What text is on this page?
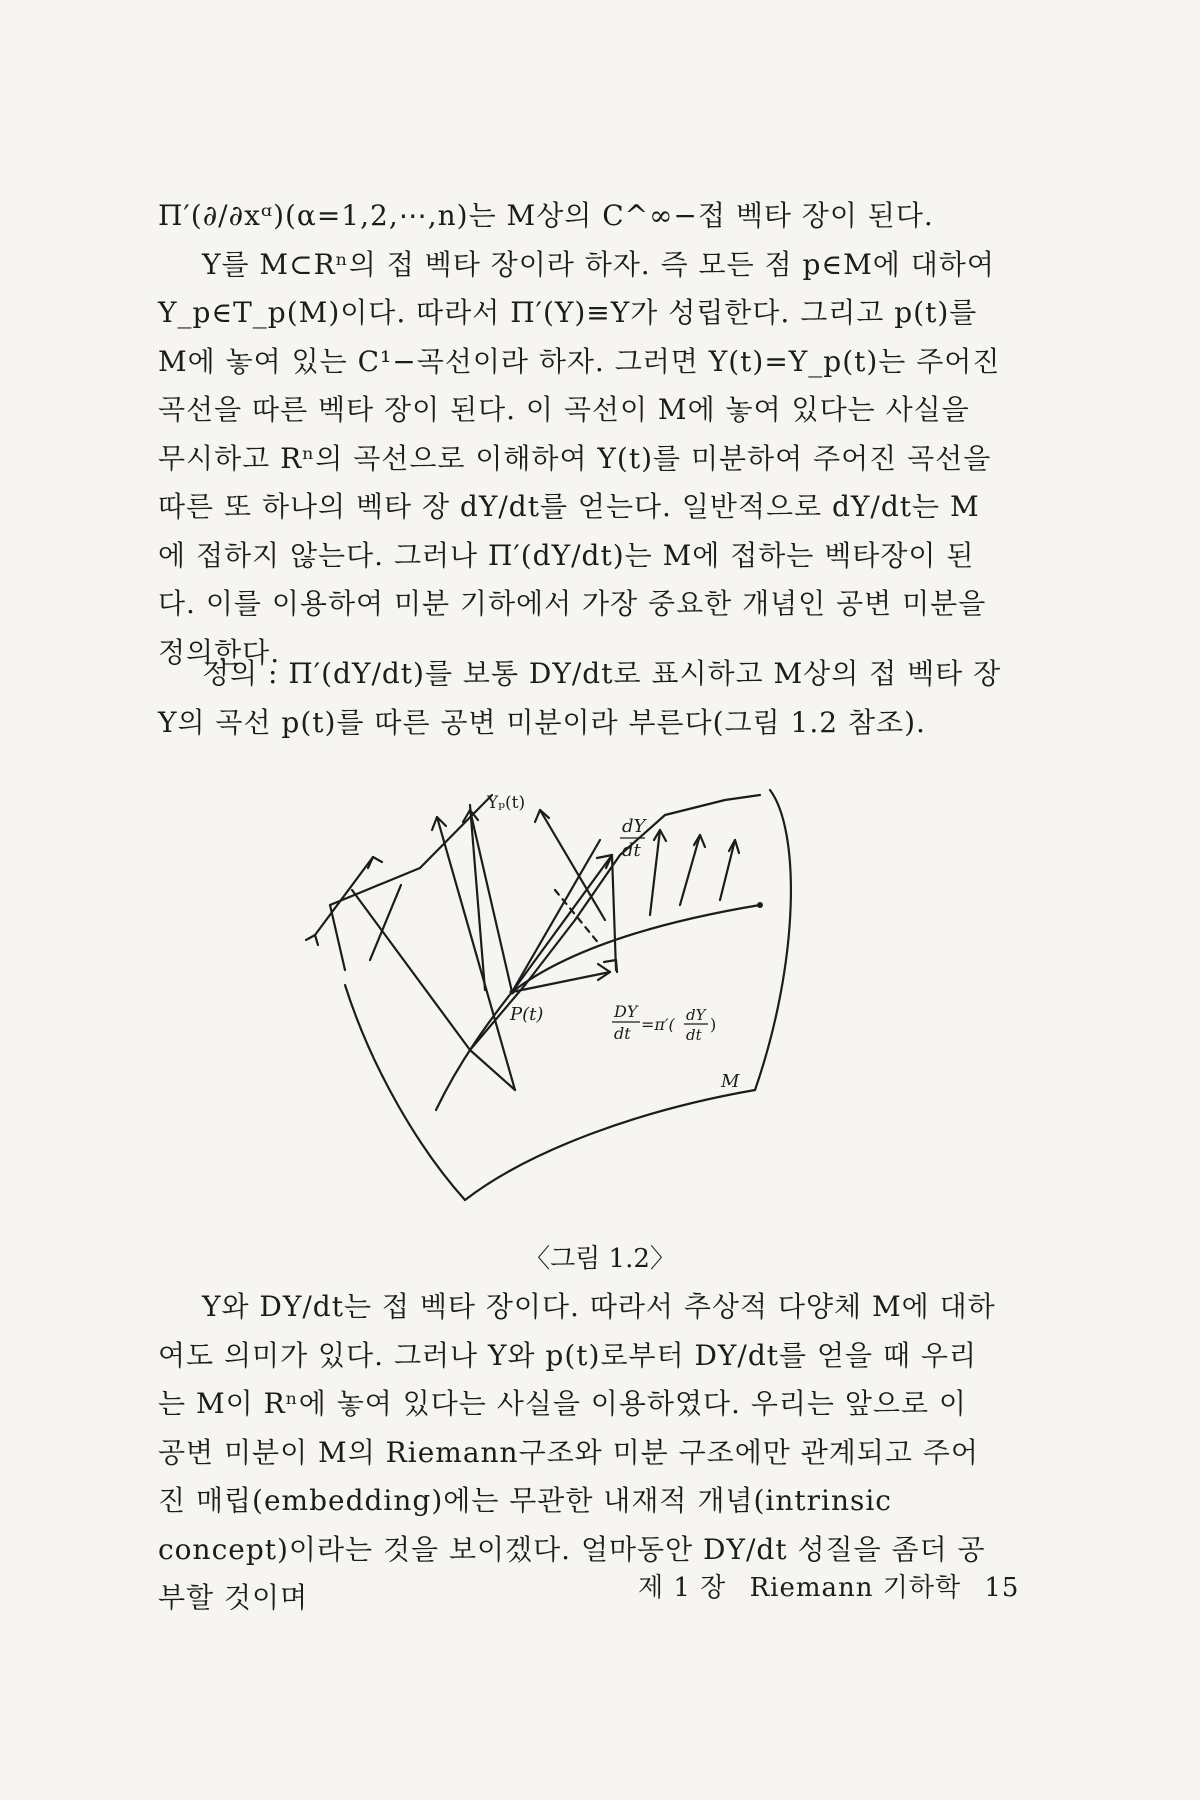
Π′(∂/∂xᵅ)(α=1,2,⋯,n)는 M상의 C^∞−접 벡타 장이 된다.

Y를 M⊂Rⁿ의 접 벡타 장이라 하자. 즉 모든 점 p∈M에 대하여 Y_p∈T_p(M)이다. 따라서 Π′(Y)≡Y가 성립한다. 그리고 p(t)를 M에 놓여 있는 C¹−곡선이라 하자. 그러면 Y(t)=Y_p(t)는 주어진 곡선을 따른 벡타 장이 된다. 이 곡선이 M에 놓여 있다는 사실을 무시하고 Rⁿ의 곡선으로 이해하여 Y(t)를 미분하여 주어진 곡선을 따른 또 하나의 벡타 장 dY/dt를 얻는다. 일반적으로 dY/dt는 M에 접하지 않는다. 그러나 Π′(dY/dt)는 M에 접하는 벡타장이 된다. 이를 이용하여 미분 기하에서 가장 중요한 개념인 공변 미분을 정의한다.

정의 : Π′(dY/dt)를 보통 DY/dt로 표시하고 M상의 접 벡타 장 Y의 곡선 p(t)를 따른 공변 미분이라 부른다(그림 1.2 참조).

Yₚ(t)
dY
dt
P(t)	DY
dt =π′( dY
dt
)
M
〈그림 1.2〉

Y와 DY/dt는 접 벡타 장이다. 따라서 추상적 다양체 M에 대하여도 의미가 있다. 그러나 Y와 p(t)로부터 DY/dt를 얻을 때 우리는 M이 Rⁿ에 놓여 있다는 사실을 이용하였다. 우리는 앞으로 이 공변 미분이 M의 Riemann구조와 미분 구조에만 관계되고 주어진 매립(embedding)에는 무관한 내재적 개념(intrinsic concept)이라는 것을 보이겠다. 얼마동안 DY/dt 성질을 좀더 공부할 것이며	제 1 장 Riemann 기하학 15
